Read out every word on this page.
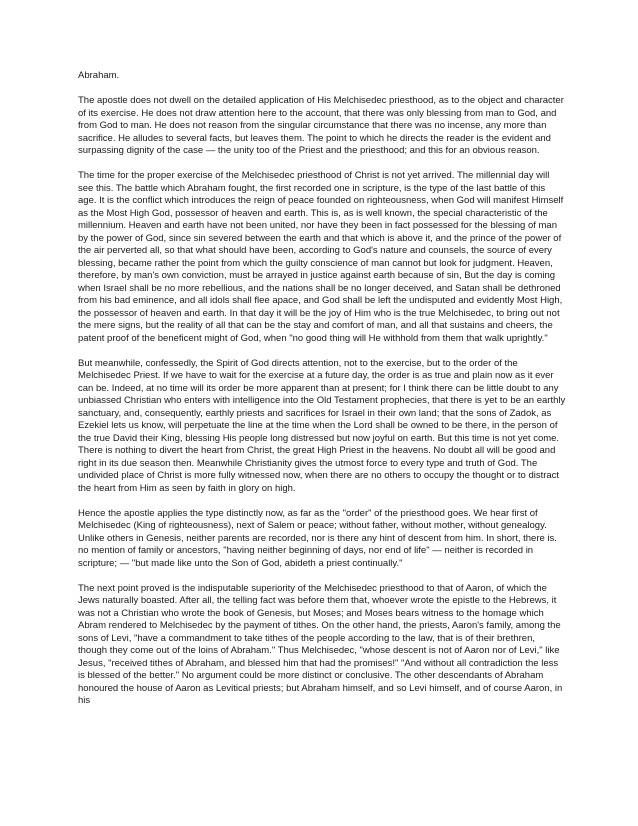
Abraham.

The apostle does not dwell on the detailed application of His Melchisedec priesthood, as to the object and character of its exercise. He does not draw attention here to the account, that there was only blessing from man to God, and from God to man. He does not reason from the singular circumstance that there was no incense, any more than sacrifice. He alludes to several facts, but leaves them. The point to which he directs the reader is the evident and surpassing dignity of the case — the unity too of the Priest and the priesthood; and this for an obvious reason.

The time for the proper exercise of the Melchisedec priesthood of Christ is not yet arrived. The millennial day will see this. The battle which Abraham fought, the first recorded one in scripture, is the type of the last battle of this age. It is the conflict which introduces the reign of peace founded on righteousness, when God will manifest Himself as the Most High God, possessor of heaven and earth. This is, as is well known, the special characteristic of the millennium. Heaven and earth have not been united, nor have they been in fact possessed for the blessing of man by the power of God, since sin severed between the earth and that which is above it, and the prince of the power of the air perverted all, so that what should have been, according to God's nature and counsels, the source of every blessing, became rather the point from which the guilty conscience of man cannot but look for judgment. Heaven, therefore, by man's own conviction, must be arrayed in justice against earth because of sin, But the day is coming when Israel shall be no more rebellious, and the nations shall be no longer deceived, and Satan shall be dethroned from his bad eminence, and all idols shall flee apace, and God shall be left the undisputed and evidently Most High, the possessor of heaven and earth. In that day it will be the joy of Him who is the true Melchisedec, to bring out not the mere signs, but the reality of all that can be the stay and comfort of man, and all that sustains and cheers, the patent proof of the beneficent might of God, when "no good thing will He withhold from them that walk uprightly."

But meanwhile, confessedly, the Spirit of God directs attention, not to the exercise, but to the order of the Melchisedec Priest. If we have to wait for the exercise at a future day, the order is as true and plain now as it ever can be. Indeed, at no time will its order be more apparent than at present; for I think there can be little doubt to any unbiassed Christian who enters with intelligence into the Old Testament prophecies, that there is yet to be an earthly sanctuary, and, consequently, earthly priests and sacrifices for Israel in their own land; that the sons of Zadok, as Ezekiel lets us know, will perpetuate the line at the time when the Lord shall be owned to be there, in the person of the true David their King, blessing His people long distressed but now joyful on earth. But this time is not yet come. There is nothing to divert the heart from Christ, the great High Priest in the heavens. No doubt all will be good and right in its due season then. Meanwhile Christianity gives the utmost force to every type and truth of God. The undivided place of Christ is more fully witnessed now, when there are no others to occupy the thought or to distract the heart from Him as seen by faith in glory on high.

Hence the apostle applies the type distinctly now, as far as the "order" of the priesthood goes. We hear first of Melchisedec (King of righteousness), next of Salem or peace; without father, without mother, without genealogy. Unlike others in Genesis, neither parents are recorded, nor is there any hint of descent from him. In short, there is. no mention of family or ancestors, "having neither beginning of days, nor end of life" — neither is recorded in scripture; — "but made like unto the Son of God, abideth a priest continually."

The next point proved is the indisputable superiority of the Melchisedec priesthood to that of Aaron, of which the Jews naturally boasted. After all, the telling fact was before them that, whoever wrote the epistle to the Hebrews, it was not a Christian who wrote the book of Genesis, but Moses; and Moses bears witness to the homage which Abram rendered to Melchisedec by the payment of tithes. On the other hand, the priests, Aaron's family, among the sons of Levi, "have a commandment to take tithes of the people according to the law, that is of their brethren, though they come out of the loins of Abraham." Thus Melchisedec, "whose descent is not of Aaron nor of Levi," like Jesus, "received tithes of Abraham, and blessed him that had the promises!" "And without all contradiction the less is blessed of the better." No argument could be more distinct or conclusive. The other descendants of Abraham honoured the house of Aaron as Levitical priests; but Abraham himself, and so Levi himself, and of course Aaron, in his
